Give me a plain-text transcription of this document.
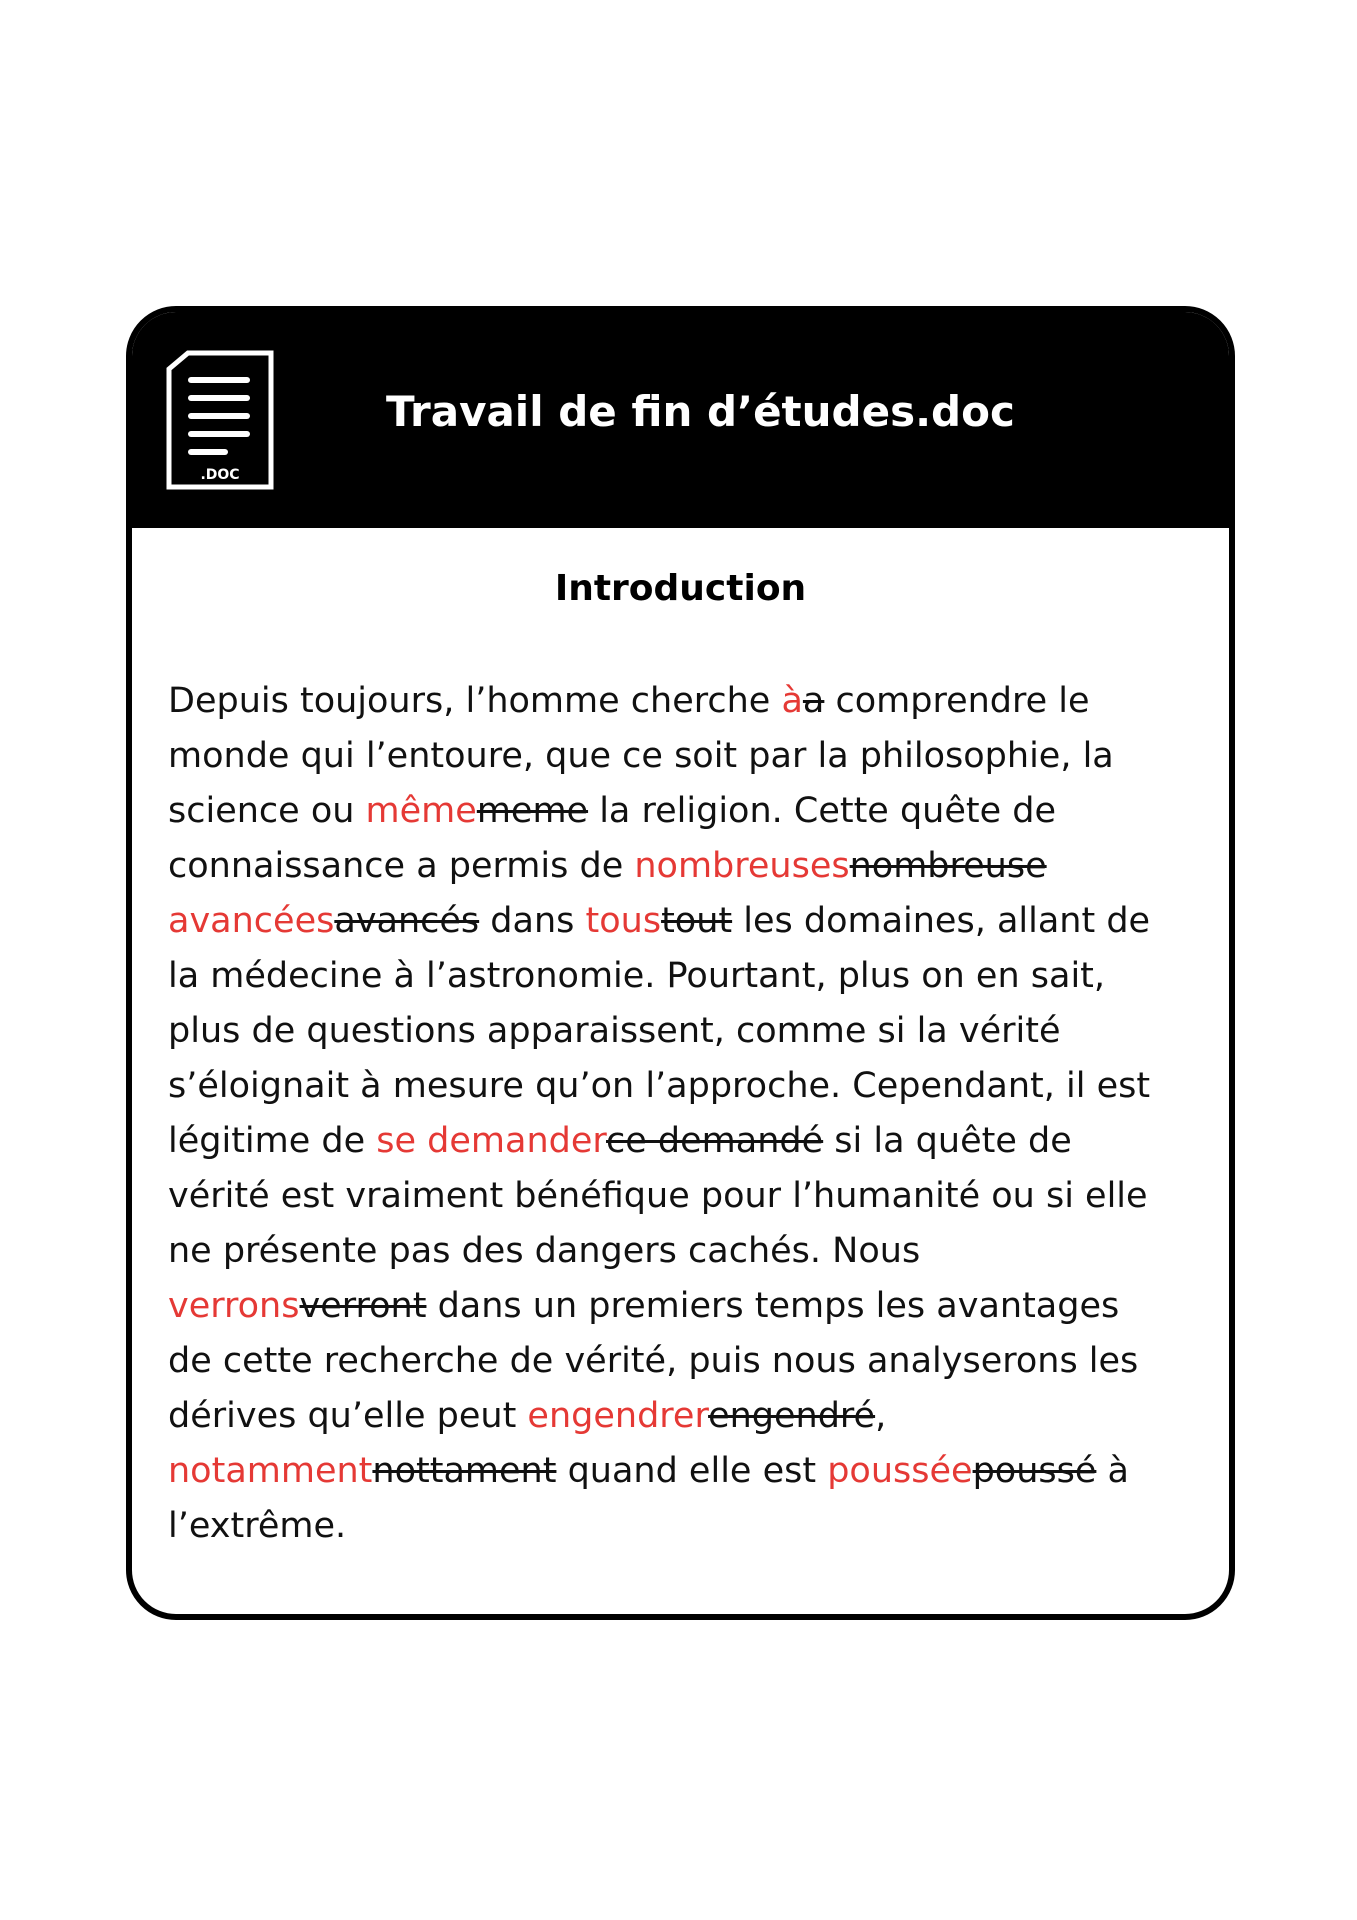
.DOC
Travail de fin d’études.doc
Introduction

Depuis toujours, l’homme cherche àa comprendre le
monde qui l’entoure, que ce soit par la philosophie, la
science ou mêmememe la religion. Cette quête de
connaissance a permis de nombreusesnombreuse
avancéesavancés dans toustout les domaines, allant de
la médecine à l’astronomie. Pourtant, plus on en sait,
plus de questions apparaissent, comme si la vérité
s’éloignait à mesure qu’on l’approche. Cependant, il est
légitime de se demanderce demandé si la quête de
vérité est vraiment bénéfique pour l’humanité ou si elle
ne présente pas des dangers cachés. Nous
verronsverront dans un premiers temps les avantages
de cette recherche de vérité, puis nous analyserons les
dérives qu’elle peut engendrerengendré,
notammentnottament quand elle est pousséepoussé à
l’extrême.
